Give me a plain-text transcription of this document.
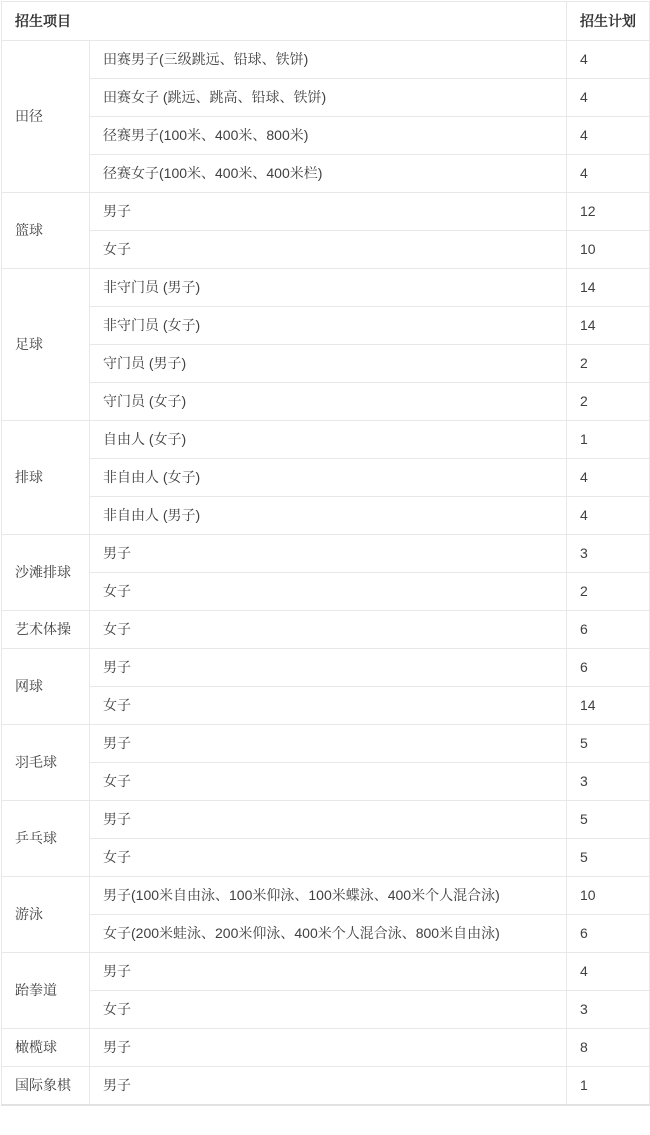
招生项目		招生计划
田径	田赛男子(三级跳远、铅球、铁饼)	4
	田赛女子 (跳远、跳高、铅球、铁饼)	4
	径赛男子(100米、400米、800米)	4
	径赛女子(100米、400米、400米栏)	4
篮球	男子	12
	女子	10
足球	非守门员 (男子)	14
	非守门员 (女子)	14
	守门员 (男子)	2
	守门员 (女子)	2
排球	自由人 (女子)	1
	非自由人 (女子)	4
	非自由人 (男子)	4
沙滩排球	男子	3
	女子	2
艺术体操	女子	6
网球	男子	6
	女子	14
羽毛球	男子	5
	女子	3
乒乓球	男子	5
	女子	5
游泳	男子(100米自由泳、100米仰泳、100米蝶泳、400米个人混合泳)	10
	女子(200米蛙泳、200米仰泳、400米个人混合泳、800米自由泳)	6
跆拳道	男子	4
	女子	3
橄榄球	男子	8
国际象棋	男子	1
